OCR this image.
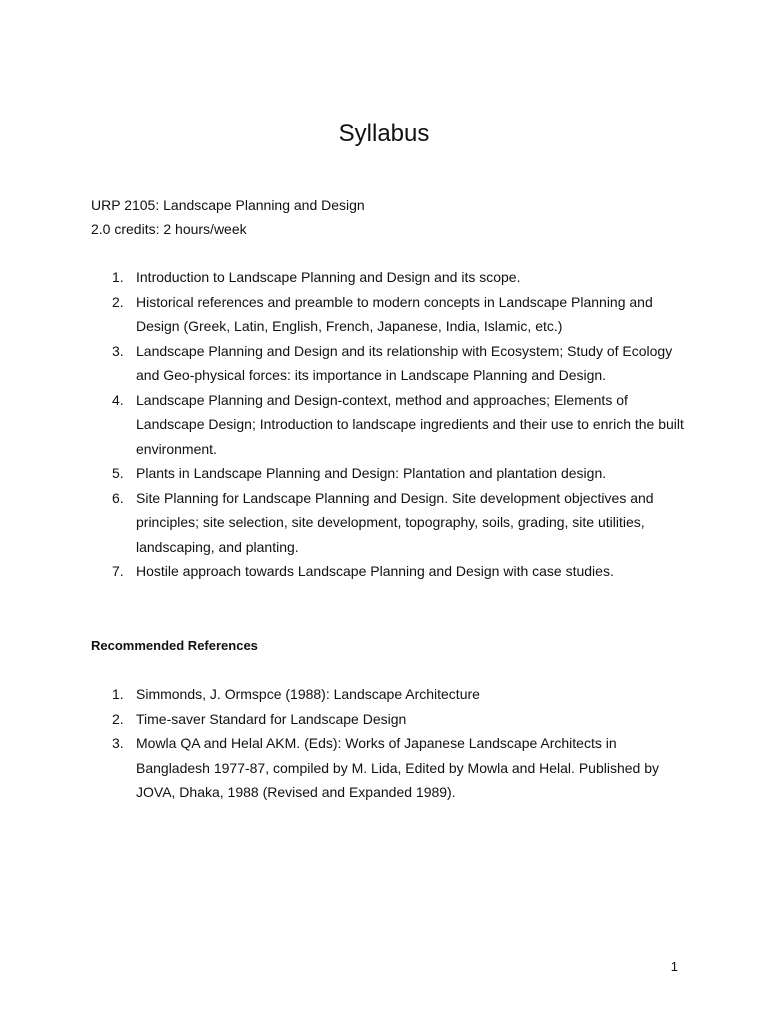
Syllabus
URP 2105: Landscape Planning and Design
2.0 credits: 2 hours/week
1. Introduction to Landscape Planning and Design and its scope.
2. Historical references and preamble to modern concepts in Landscape Planning and Design (Greek, Latin, English, French, Japanese, India, Islamic, etc.)
3. Landscape Planning and Design and its relationship with Ecosystem; Study of Ecology and Geo-physical forces: its importance in Landscape Planning and Design.
4. Landscape Planning and Design-context, method and approaches; Elements of Landscape Design; Introduction to landscape ingredients and their use to enrich the built environment.
5. Plants in Landscape Planning and Design: Plantation and plantation design.
6. Site Planning for Landscape Planning and Design. Site development objectives and principles; site selection, site development, topography, soils, grading, site utilities, landscaping, and planting.
7. Hostile approach towards Landscape Planning and Design with case studies.
Recommended References
1. Simmonds, J. Ormspce (1988): Landscape Architecture
2. Time-saver Standard for Landscape Design
3. Mowla QA and Helal AKM. (Eds): Works of Japanese Landscape Architects in Bangladesh 1977-87, compiled by M. Lida, Edited by Mowla and Helal. Published by JOVA, Dhaka, 1988 (Revised and Expanded 1989).
1
